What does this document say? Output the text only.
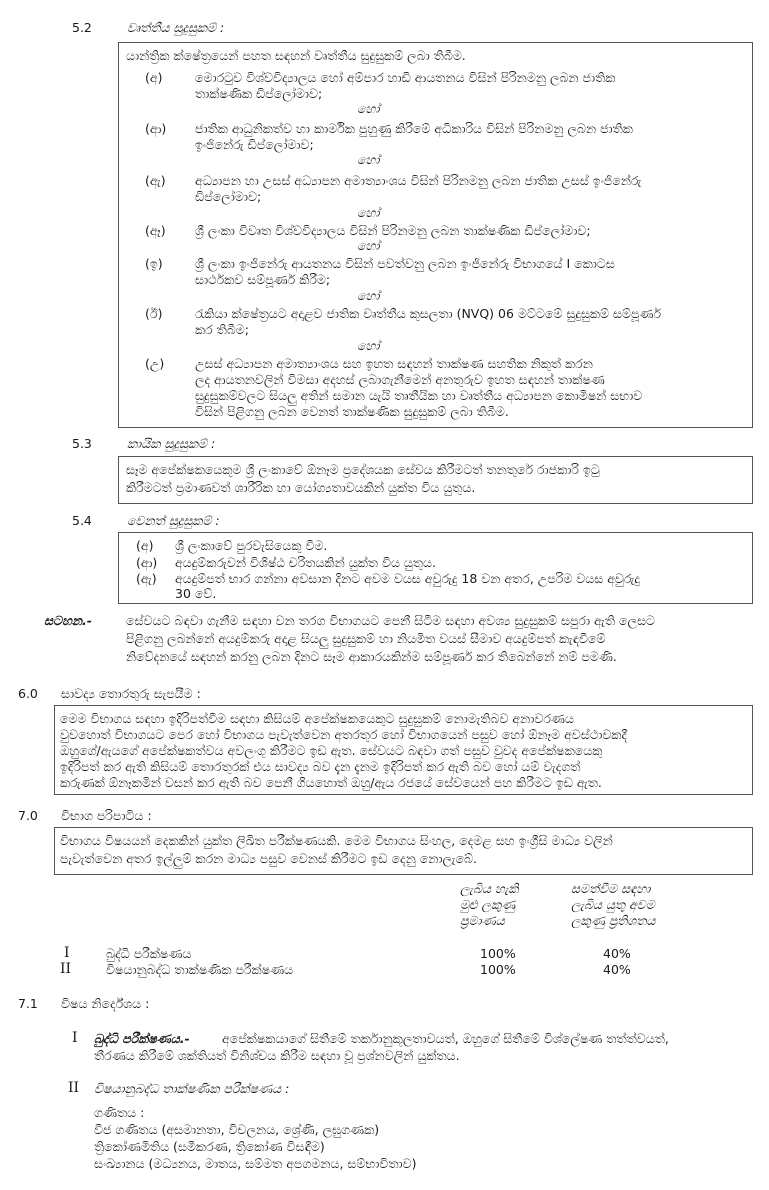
5.2	වෘත්තීය සුදුසුකම් :
යාන්ත්‍රික ක්ෂේත්‍රයෙන් පහත සඳහන් වෘත්තීය සුදුසුකම් ලබා තිබීම.
(අ)	මොරටුව විශ්වවිද්‍යාලය හෝ අම්පාර හාඩි ආයතනය විසින් පිරිනමනු ලබන ජාතික
තාක්ෂණික ඩිප්ලෝමාව;
හෝ
(ආ) ජාතික ආධුනිකත්ව හා කාර්මික පුහුණු කිරීමේ අධිකාරිය විසින් පිරිනමනු ලබන ජාතික
ඉංජිනේරු ඩිප්ලෝමාව;
හෝ
(ඇ) අධ්‍යාපන හා උසස් අධ්‍යාපන අමාත්‍යාංශය විසින් පිරිනමනු ලබන ජාතික උසස් ඉංජිනේරු
ඩිප්ලෝමාව;
හෝ
(ඈ) ශ්‍රී ලංකා විවෘත විශ්වවිද්‍යාලය විසින් පිරිනමනු ලබන තාක්ෂණික ඩිප්ලෝමාව;
හෝ
(ඉ)	ශ්‍රී ලංකා ඉංජිනේරු ආයතනය විසින් පවත්වනු ලබන ඉංජිනේරු විභාගයේ I කොටස
සාර්ථකව සම්පූර්ණ කිරීම;
හෝ
(ඊ)	රැකියා ක්ෂේත්‍රයට අදාළව ජාතික වෘත්තීය කුසලතා (NVQ) 06 මට්ටමේ සුදුසුකම් සම්පූර්ණ
කර තිබීම;
හෝ
(උ) උසස් අධ්‍යාපන අමාත්‍යාංශය සහ ඉහත සඳහන් තාක්ෂණ සහතික නිකුත් කරන
ලද ආයතනවලින් විමසා අදහස් ලබාගැනීමෙන් අනතුරුව ඉහත සඳහන් තාක්ෂණ
සුදුසුකම්වලට සියලු අතින් සමාන යැයි තෘතීයික හා වෘත්තීය අධ්‍යාපන කොමිෂන් සභාව
විසින් පිළිගනු ලබන වෙනත් තාක්ෂණික සුදුසුකම් ලබා තිබීම.
5.3	කායික සුදුසුකම් :
සෑම අපේක්ෂකයෙකුම ශ්‍රී ලංකාවේ ඕනෑම ප්‍රදේශයක සේවය කිරීමටත් තනතුරේ රාජකාරි ඉටු
කිරීමටත් ප්‍රමාණවත් ශාරීරික හා යෝග්‍යතාවයකින් යුක්ත විය යුතුය.
5.4	වෙනත් සුදුසුකම් :
(අ) ශ්‍රී ලංකාවේ පුරවැසියෙකු වීම.
(ආ) අයදුම්කරුවන් විශිෂ්ඨ චරිතයකින් යුක්ත විය යුතුය.
(ඇ) අයදුම්පත් භාර ගන්නා අවසාන දිනට අවම වයස අවුරුදු 18 වන අතර, උපරිම වයස අවුරුදු
30 වේ.
සටහන.-	සේවයට බඳවා ගැනීම සඳහා වන තරග විභාගයට පෙනී සිටීම සඳහා අවශ්‍ය සුදුසුකම් සපුරා ඇති ලෙසට
පිළිගනු ලබන්නේ අයදුම්කරු අදාළ සියලු සුදුසුකම් හා නියමිත වයස් සීමාව අයදුම්පත් කැඳවීමේ
නිවේදනයේ සඳහන් කරනු ලබන දිනට සෑම ආකාරයකින්ම සම්පූර්ණ කර තිබෙන්නේ නම් පමණි.
6.0 සාවද්‍ය තොරතුරු සැපයීම :
මෙම විභාගය සඳහා ඉදිරිපත්වීම සඳහා කිසියම් අපේක්ෂකයෙකුට සුදුසුකම් නොමැතිබව අනාවරණය
වුවහොත් විභාගයට පෙර හෝ විභාගය පැවැත්වෙන අතරතුර හෝ විභාගයෙන් පසුව හෝ ඕනෑම අවස්ථාවකදී
ඔහුගේ/ඇයගේ අපේක්ෂකත්වය අවලංගු කිරීමට ඉඩ ඇත. සේවයට බඳවා ගත් පසුව වුවද අපේක්ෂකයෙකු
ඉදිරිපත් කර ඇති කිසියම් තොරතුරක් එය සාවද්‍ය බව දැන දැනම ඉදිරිපත් කර ඇති බව හෝ යම් වැදගත්
කරුණක් ඕනෑකමින් වසන් කර ඇති බව පෙනී ගියහොත් ඔහු/ඇය රජයේ සේවයෙන් පහ කිරීමට ඉඩ ඇත.
7.0 විභාග පරිපාටිය :
විභාගය විෂයයන් දෙකකින් යුක්ත ලිඛිත පරීක්ෂණයකි. මෙම විභාගය සිංහල, දෙමළ සහ ඉංග්‍රීසි මාධ්‍ය වලින්
පැවැත්වෙන අතර ඉල්ලුම් කරන මාධ්‍ය පසුව වෙනස් කිරීමට ඉඩ දෙනු නොලැබේ.
ලැබිය හැකි
මුළු ලකුණු
ප්‍රමාණය
සමත්වීම සඳහා
ලැබිය යුතු අවම
ලකුණු ප්‍රතිශතය
I	බුද්ධි පරීක්ෂණය	100%	40%
II	විෂයානුබද්ධ තාක්ෂණික පරීක්ෂණය	100%	40%
7.1 විෂය නිර්දේශය :
I බුද්ධි පරීක්ෂණය.-	අපේක්ෂකයාගේ සිතීමේ තර්කානුකූලතාවයත්, ඔහුගේ සිතීමේ විශ්ලේෂණ තත්ත්වයත්,
තීරණය කිරීමේ ශක්තියත් විනිශ්චය කිරීම සඳහා වූ ප්‍රශ්නවලින් යුක්තය.
II විෂයානුබද්ධ තාක්ෂණික පරීක්ෂණය :
ගණිතය :
වීජ ගණිතය (අසමානතා, විචලනය, ශ්‍රේණි, ලඝුගණක)
ත්‍රිකෝණමිතිය (සමීකරණ, ත්‍රිකෝණ විසඳීම)
සංඛ්‍යානය (මධ්‍යනය, මාතය, සම්මත අපගමනය, සම්භාවිතාව)
